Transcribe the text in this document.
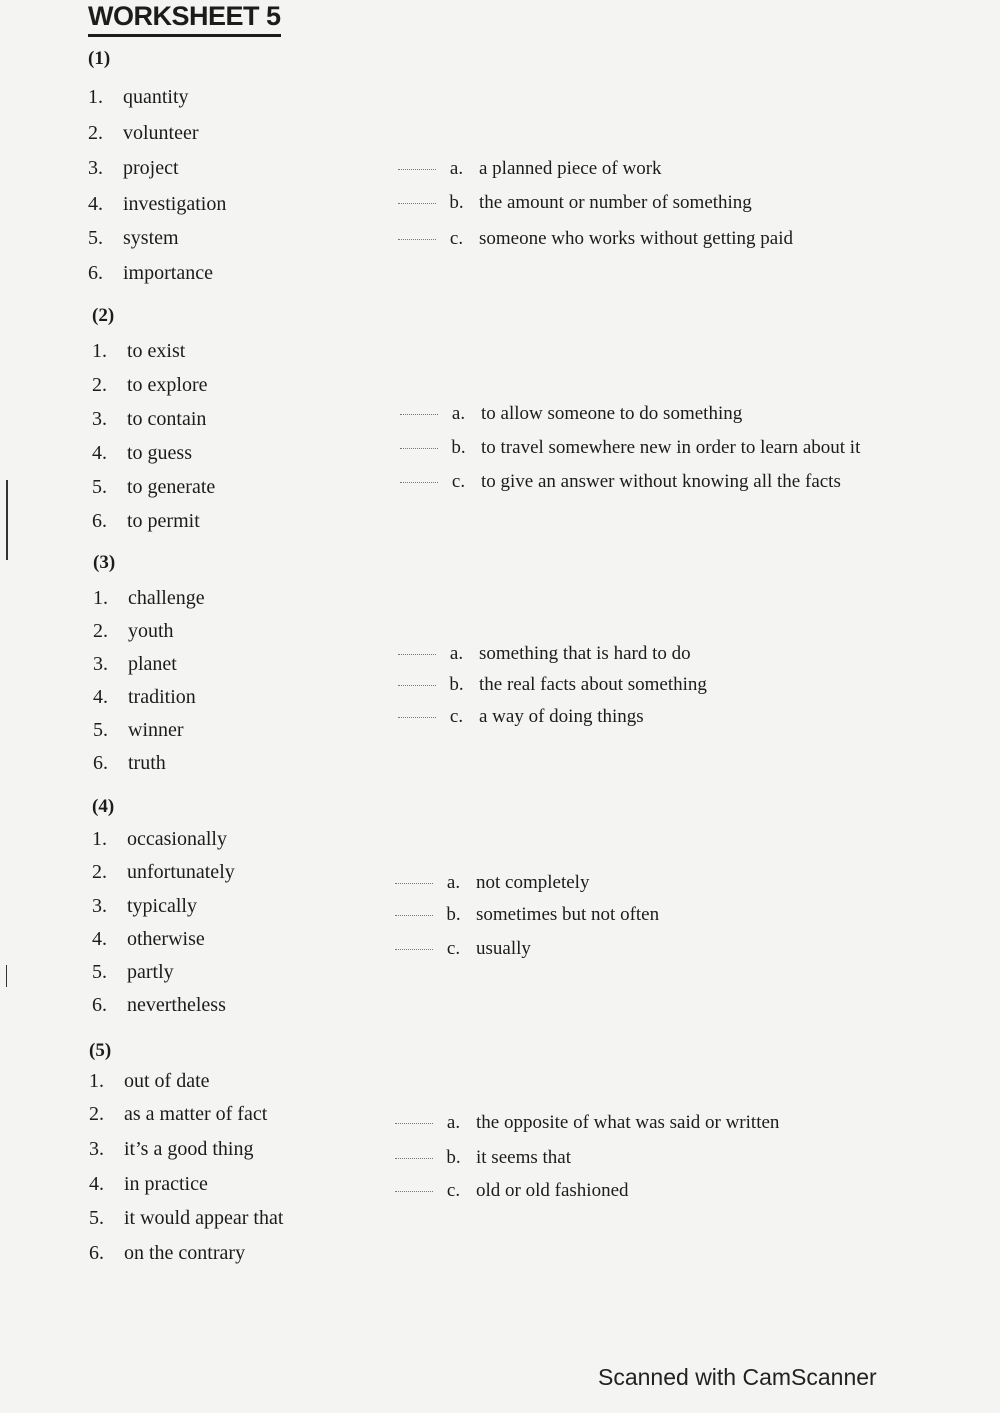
WORKSHEET 5
(1)
1. quantity
2. volunteer
3. project
4. investigation
5. system
6. importance
a. a planned piece of work
b. the amount or number of something
c. someone who works without getting paid
(2)
1. to exist
2. to explore
3. to contain
4. to guess
5. to generate
6. to permit
a. to allow someone to do something
b. to travel somewhere new in order to learn about it
c. to give an answer without knowing all the facts
(3)
1. challenge
2. youth
3. planet
4. tradition
5. winner
6. truth
a. something that is hard to do
b. the real facts about something
c. a way of doing things
(4)
1. occasionally
2. unfortunately
3. typically
4. otherwise
5. partly
6. nevertheless
a. not completely
b. sometimes but not often
c. usually
(5)
1. out of date
2. as a matter of fact
3. it’s a good thing
4. in practice
5. it would appear that
6. on the contrary
a. the opposite of what was said or written
b. it seems that
c. old or old fashioned
Scanned with CamScanner
